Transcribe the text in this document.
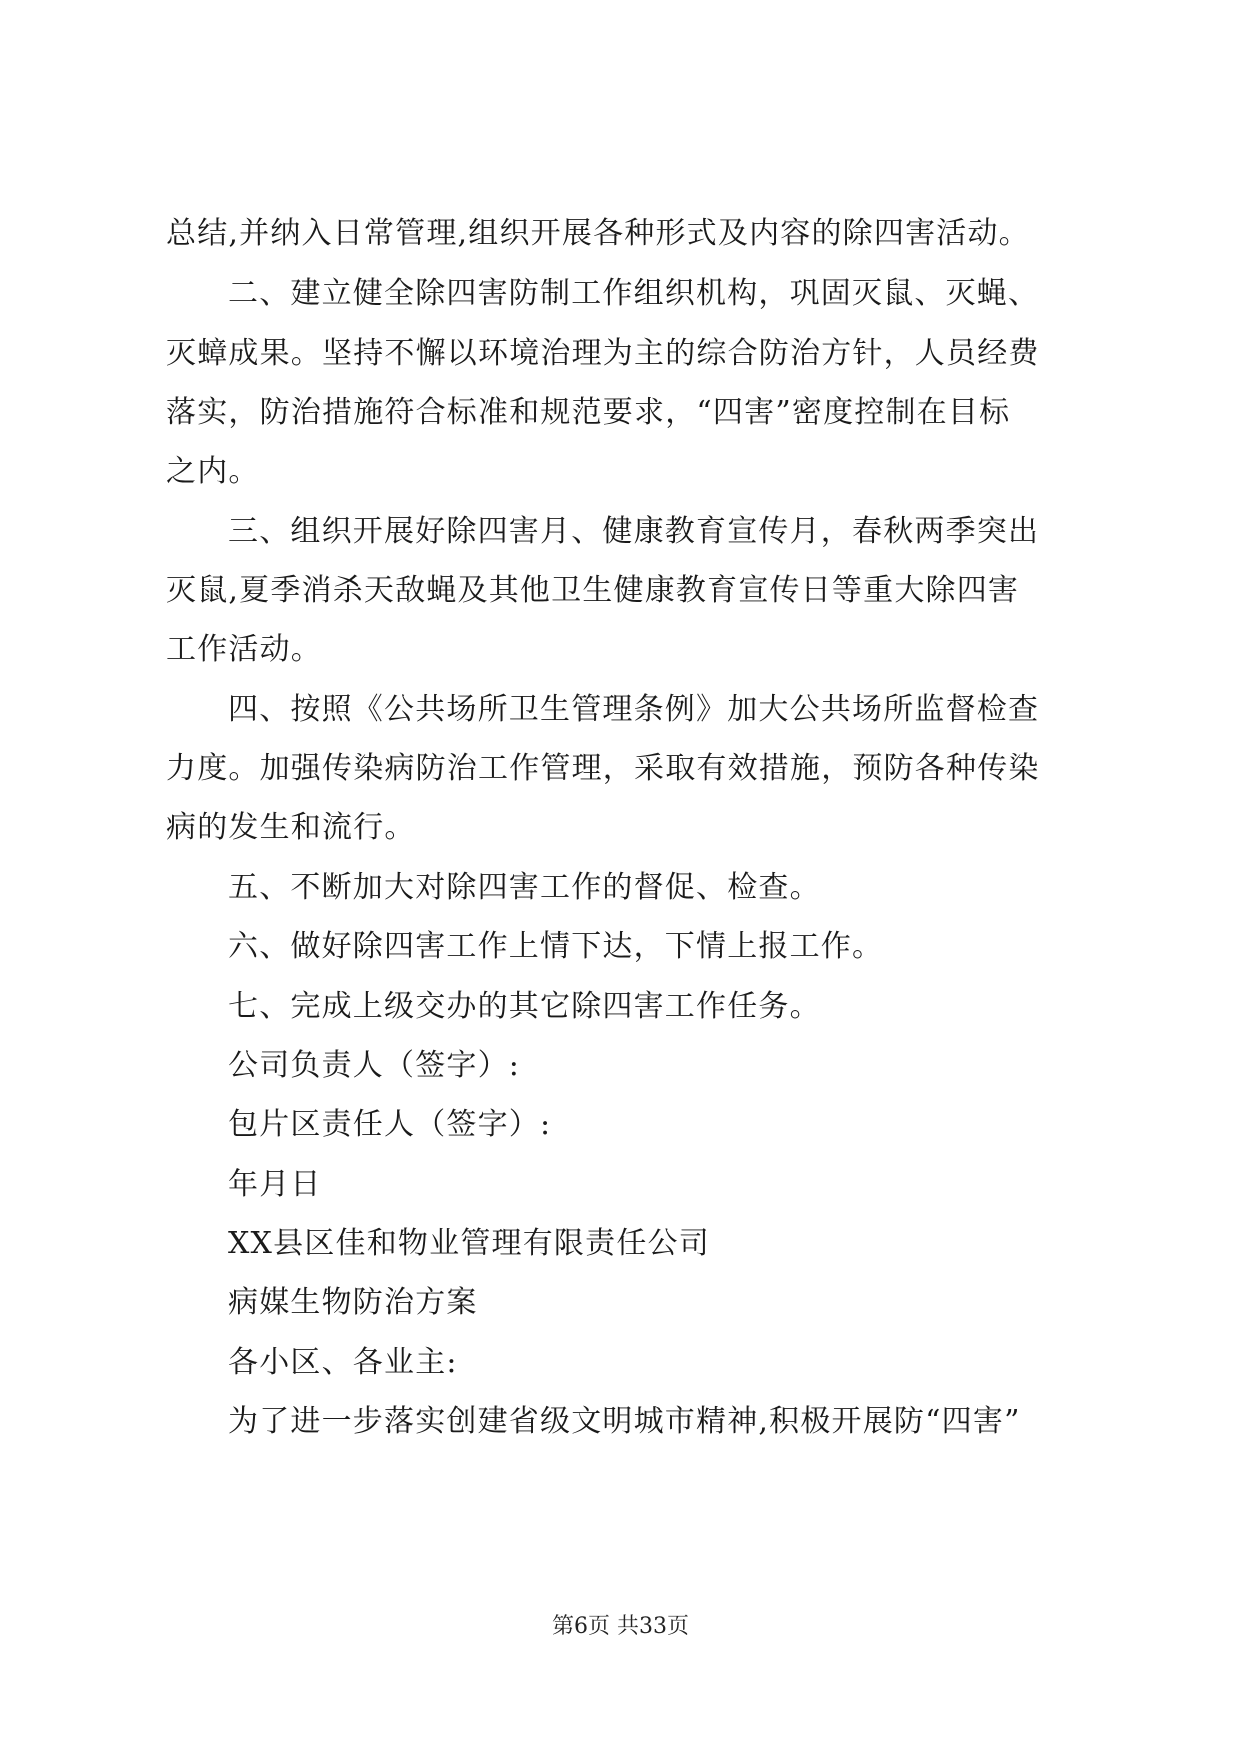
总结,并纳入日常管理,组织开展各种形式及内容的除四害活动。
二、建立健全除四害防制工作组织机构，巩固灭鼠、灭蝇、
灭蟑成果。坚持不懈以环境治理为主的综合防治方针，人员经费
落实，防治措施符合标准和规范要求，“四害”密度控制在目标
之内。
三、组织开展好除四害月、健康教育宣传月，春秋两季突出
灭鼠,夏季消杀天敌蝇及其他卫生健康教育宣传日等重大除四害
工作活动。
四、按照《公共场所卫生管理条例》加大公共场所监督检查
力度。加强传染病防治工作管理，采取有效措施，预防各种传染
病的发生和流行。
五、不断加大对除四害工作的督促、检查。
六、做好除四害工作上情下达，下情上报工作。
七、完成上级交办的其它除四害工作任务。
公司负责人（签字）:
包片区责任人（签字）:
年月日
XX县区佳和物业管理有限责任公司
病媒生物防治方案
各小区、各业主:
为了进一步落实创建省级文明城市精神,积极开展防“四害”
第6页 共33页
